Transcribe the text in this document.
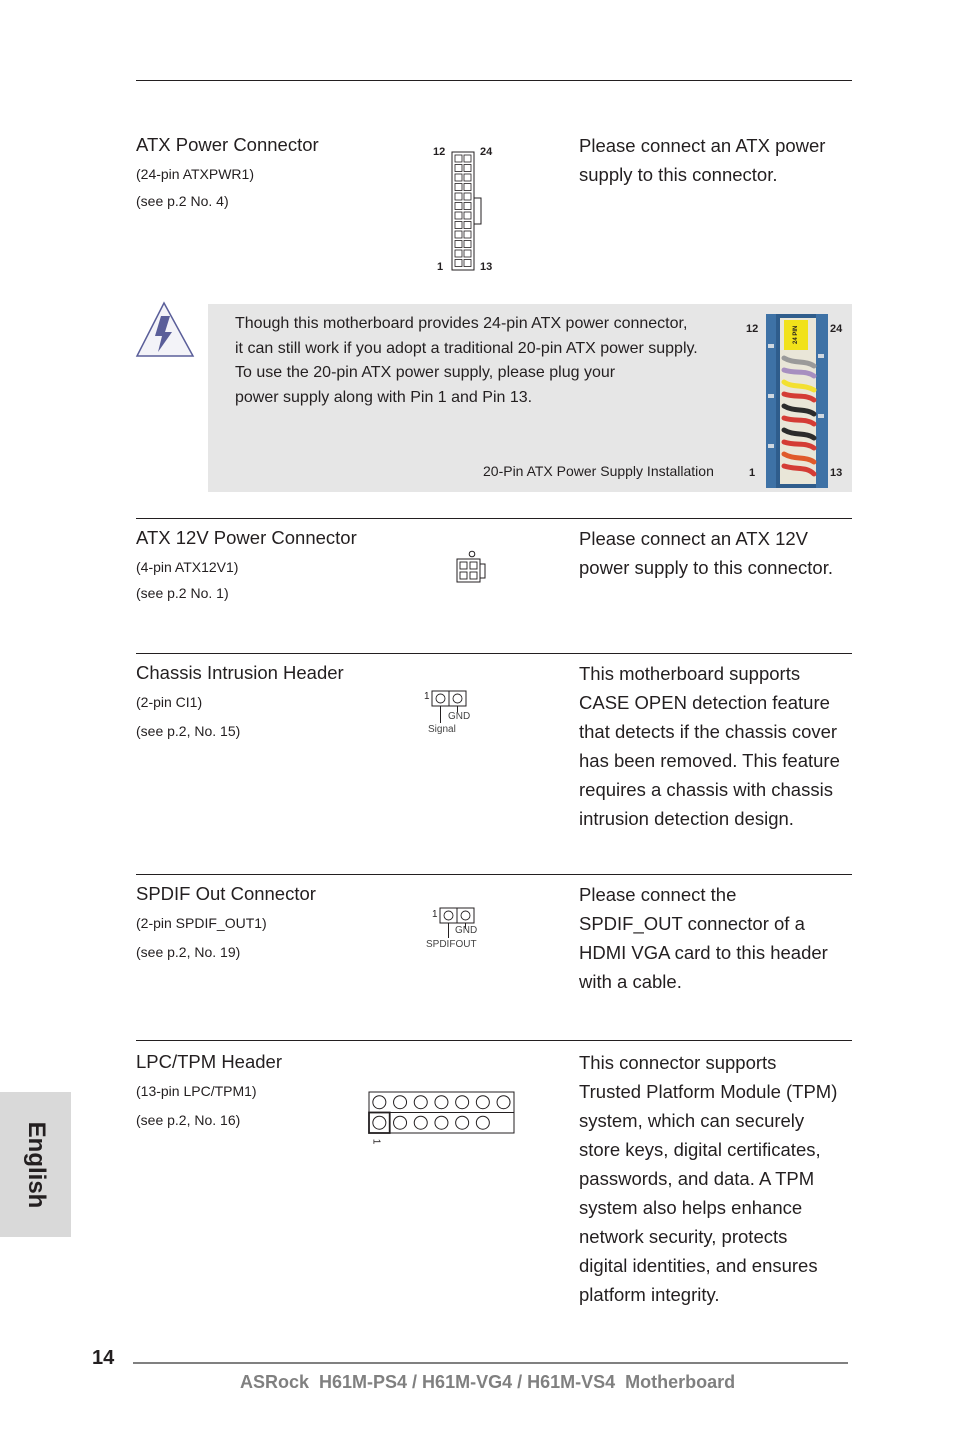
ATX Power Connector
(24-pin ATXPWR1)
(see p.2 No. 4)
12	24
1	13
Please connect an ATX power
supply to this connector.
Though this motherboard provides 24-pin ATX power connector,
it can still work if you adopt a traditional 20-pin ATX power supply.
To use the 20-pin ATX power supply, please plug your
power supply along with Pin 1 and Pin 13.
20-Pin ATX Power Supply Installation
12	24
1	13
24 PIN
ATX 12V Power Connector
(4-pin ATX12V1)
(see p.2 No. 1)
Please connect an ATX 12V
power supply to this connector.
Chassis Intrusion Header
(2-pin CI1)
(see p.2, No. 15)
1
GND
Signal
This motherboard supports
CASE OPEN detection feature
that detects if the chassis cover
has been removed. This feature
requires a chassis with chassis
intrusion detection design.
SPDIF Out Connector
(2-pin SPDIF_OUT1)
(see p.2, No. 19)
1
GND
SPDIFOUT
Please connect the
SPDIF_OUT connector of a
HDMI VGA card to this header
with a cable.
LPC/TPM Header
(13-pin LPC/TPM1)
(see p.2, No. 16)
1
This connector supports
Trusted Platform Module (TPM)
system, which can securely
store keys, digital certificates,
passwords, and data. A TPM
system also helps enhance
network security, protects
digital identities, and ensures
platform integrity.
English
14
ASRock  H61M-PS4 / H61M-VG4 / H61M-VS4  Motherboard
